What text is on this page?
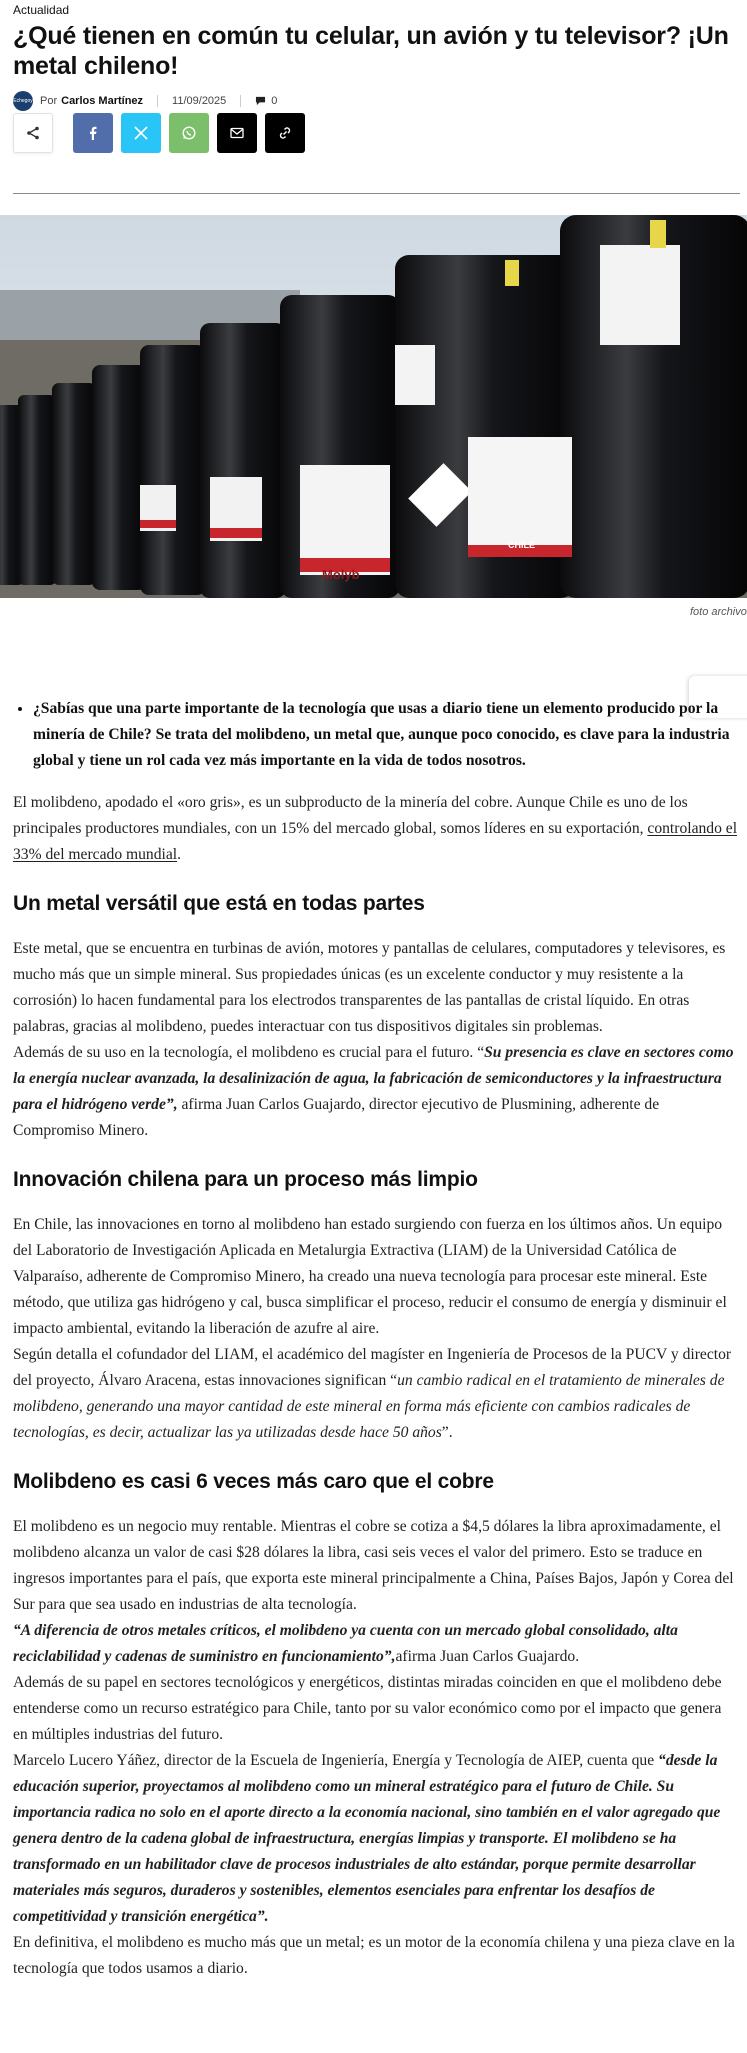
Actualidad
¿Qué tienen en común tu celular, un avión y tu televisor? ¡Un metal chileno!
Echegoy Por Carlos Martínez	11/09/2025	0
Molyb
CHILE
foto archivo
• ¿Sabías que una parte importante de la tecnología que usas a diario tiene un elemento producido por la minería de Chile? Se trata del molibdeno, un metal que, aunque poco conocido, es clave para la industria global y tiene un rol cada vez más importante en la vida de todos nosotros.

El molibdeno, apodado el «oro gris», es un subproducto de la minería del cobre. Aunque Chile es uno de los principales productores mundiales, con un 15% del mercado global, somos líderes en su exportación, controlando el 33% del mercado mundial.

Un metal versátil que está en todas partes

Este metal, que se encuentra en turbinas de avión, motores y pantallas de celulares, computadores y televisores, es mucho más que un simple mineral. Sus propiedades únicas (es un excelente conductor y muy resistente a la corrosión) lo hacen fundamental para los electrodos transparentes de las pantallas de cristal líquido. En otras palabras, gracias al molibdeno, puedes interactuar con tus dispositivos digitales sin problemas.

Además de su uso en la tecnología, el molibdeno es crucial para el futuro. “Su presencia es clave en sectores como la energía nuclear avanzada, la desalinización de agua, la fabricación de semiconductores y la infraestructura para el hidrógeno verde”, afirma Juan Carlos Guajardo, director ejecutivo de Plusmining, adherente de Compromiso Minero.

Innovación chilena para un proceso más limpio

En Chile, las innovaciones en torno al molibdeno han estado surgiendo con fuerza en los últimos años. Un equipo del Laboratorio de Investigación Aplicada en Metalurgia Extractiva (LIAM) de la Universidad Católica de Valparaíso, adherente de Compromiso Minero, ha creado una nueva tecnología para procesar este mineral. Este método, que utiliza gas hidrógeno y cal, busca simplificar el proceso, reducir el consumo de energía y disminuir el impacto ambiental, evitando la liberación de azufre al aire.

Según detalla el cofundador del LIAM, el académico del magíster en Ingeniería de Procesos de la PUCV y director del proyecto, Álvaro Aracena, estas innovaciones significan “un cambio radical en el tratamiento de minerales de molibdeno, generando una mayor cantidad de este mineral en forma más eficiente con cambios radicales de tecnologías, es decir, actualizar las ya utilizadas desde hace 50 años”.

Molibdeno es casi 6 veces más caro que el cobre

El molibdeno es un negocio muy rentable. Mientras el cobre se cotiza a $4,5 dólares la libra aproximadamente, el molibdeno alcanza un valor de casi $28 dólares la libra, casi seis veces el valor del primero. Esto se traduce en ingresos importantes para el país, que exporta este mineral principalmente a China, Países Bajos, Japón y Corea del Sur para que sea usado en industrias de alta tecnología.

“A diferencia de otros metales críticos, el molibdeno ya cuenta con un mercado global consolidado, alta reciclabilidad y cadenas de suministro en funcionamiento”,afirma Juan Carlos Guajardo.

Además de su papel en sectores tecnológicos y energéticos, distintas miradas coinciden en que el molibdeno debe entenderse como un recurso estratégico para Chile, tanto por su valor económico como por el impacto que genera en múltiples industrias del futuro.

Marcelo Lucero Yáñez, director de la Escuela de Ingeniería, Energía y Tecnología de AIEP, cuenta que “desde la educación superior, proyectamos al molibdeno como un mineral estratégico para el futuro de Chile. Su importancia radica no solo en el aporte directo a la economía nacional, sino también en el valor agregado que genera dentro de la cadena global de infraestructura, energías limpias y transporte. El molibdeno se ha transformado en un habilitador clave de procesos industriales de alto estándar, porque permite desarrollar materiales más seguros, duraderos y sostenibles, elementos esenciales para enfrentar los desafíos de competitividad y transición energética”.

En definitiva, el molibdeno es mucho más que un metal; es un motor de la economía chilena y una pieza clave en la tecnología que todos usamos a diario.
